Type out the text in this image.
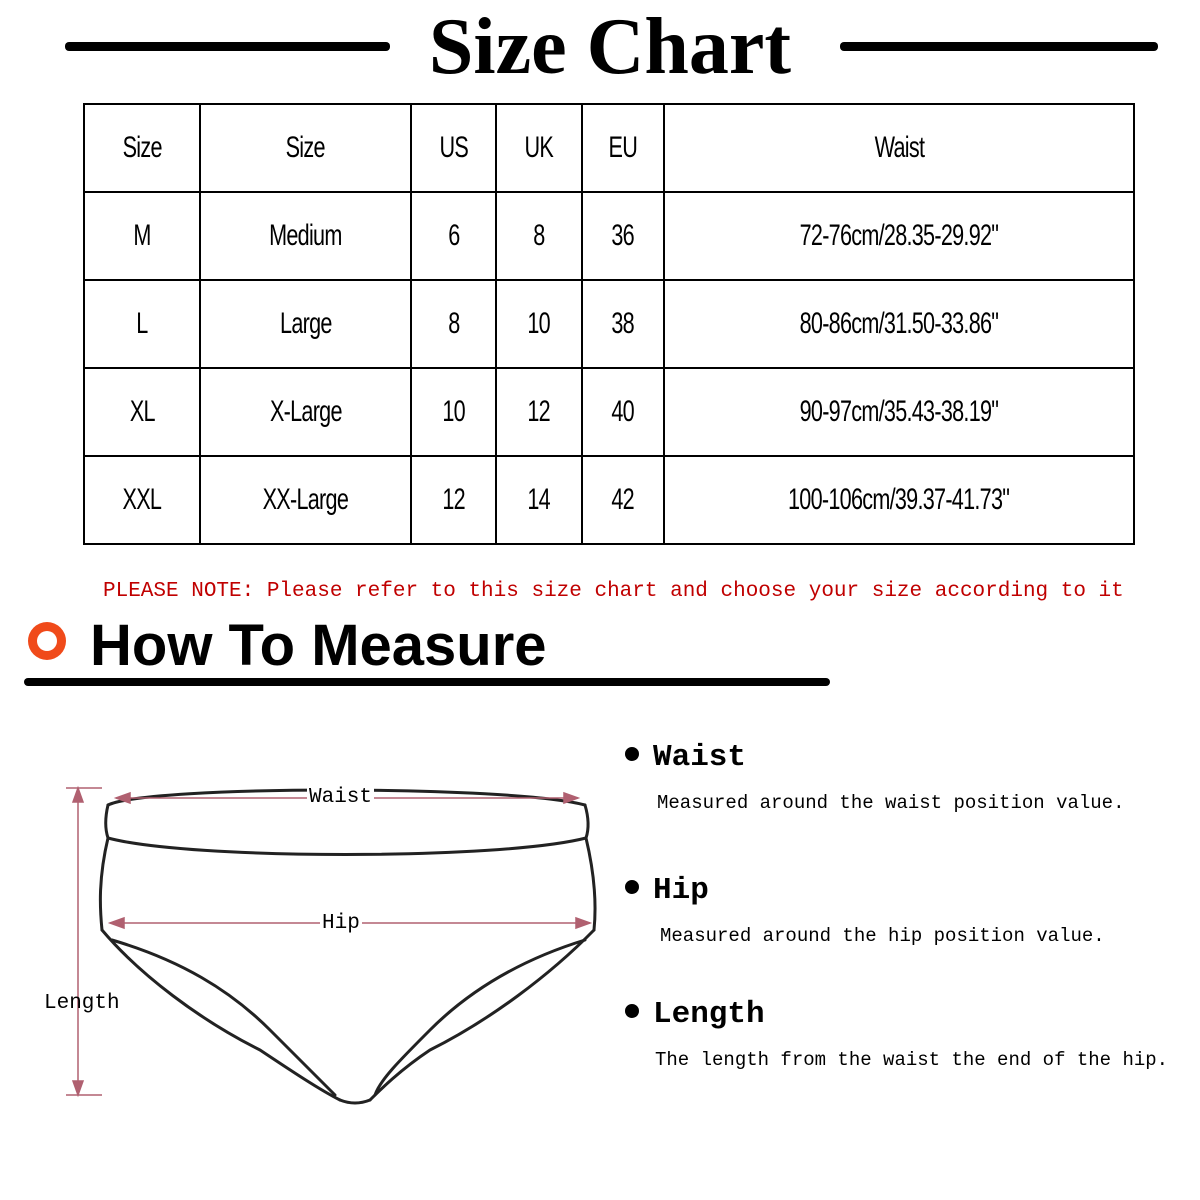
Size Chart
Size	Size	US	UK	EU	Waist
M	Medium	6	8	36	72-76cm/28.35-29.92"
L	Large	8	10	38	80-86cm/31.50-33.86"
XL	X-Large	10	12	40	90-97cm/35.43-38.19"
XXL	XX-Large	12	14	42	100-106cm/39.37-41.73"
PLEASE NOTE: Please refer to this size chart and choose your size according to it
How To Measure
Waist
Hip
Length
Waist
Measured around the waist position value.
Hip
Measured around the hip position value.
Length
The length from the waist the end of the hip.
